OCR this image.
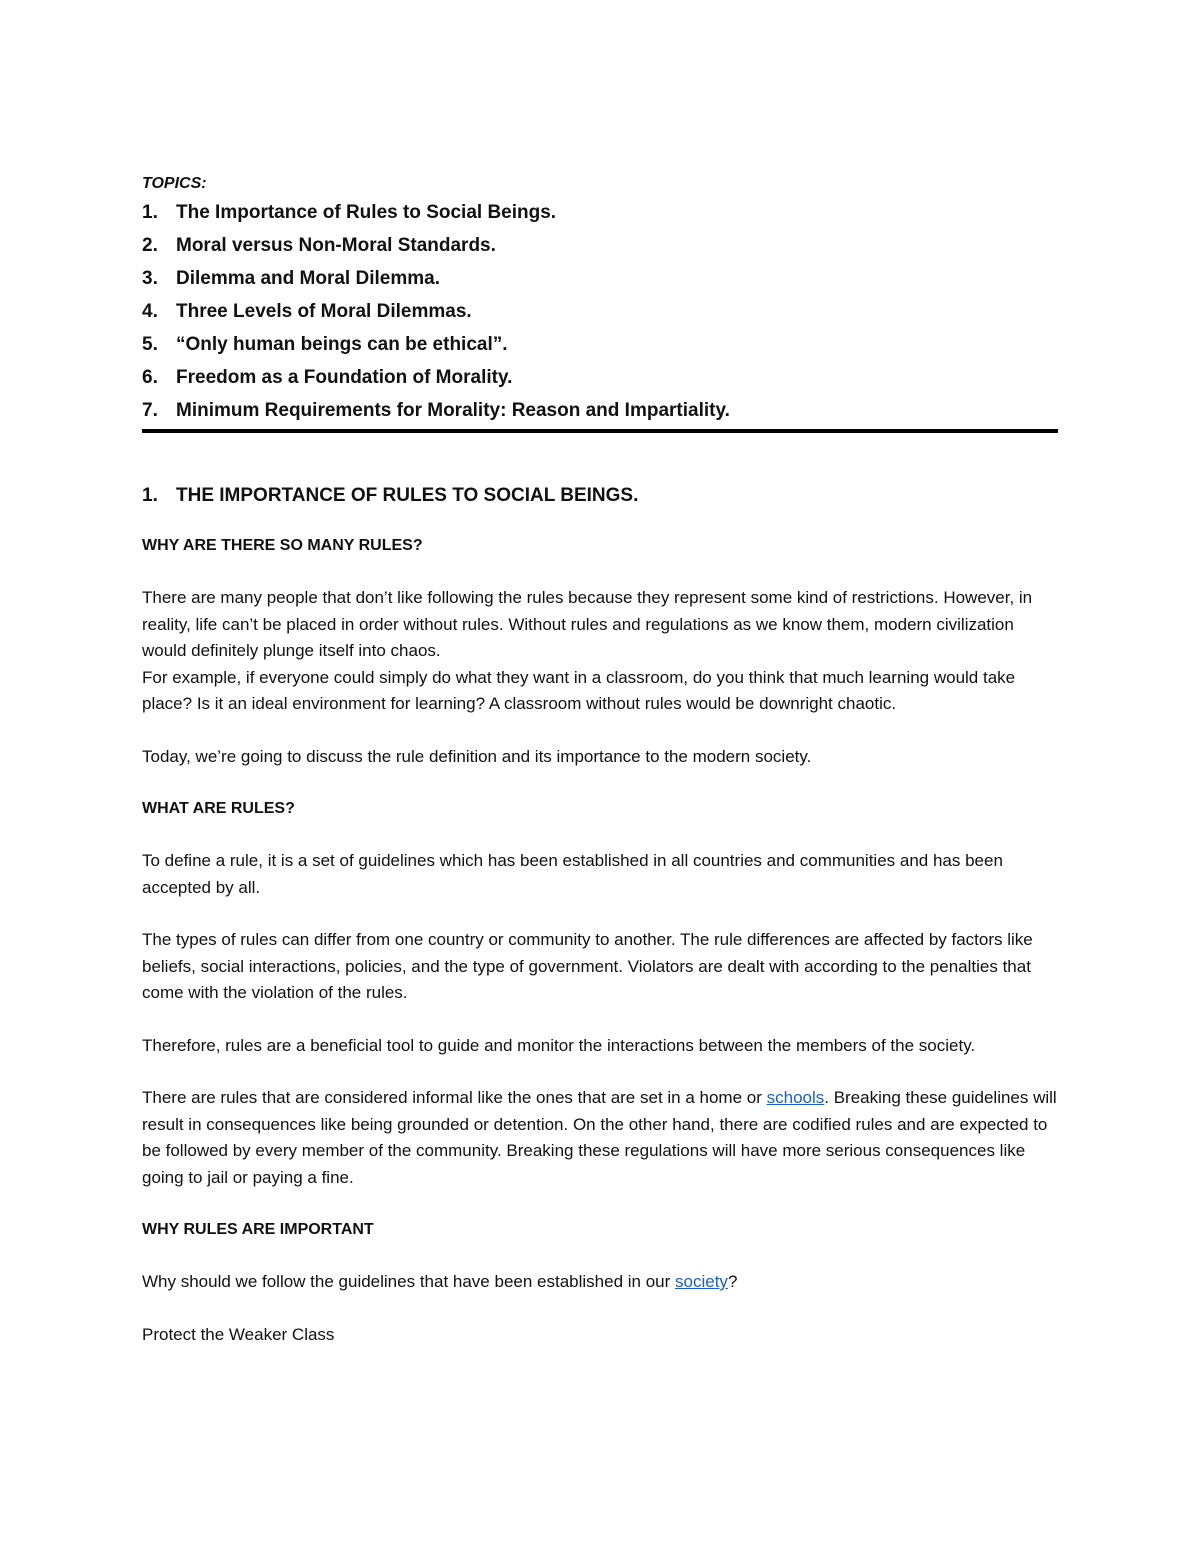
TOPICS:

1. The Importance of Rules to Social Beings.
2. Moral versus Non-Moral Standards.
3. Dilemma and Moral Dilemma.
4. Three Levels of Moral Dilemmas.
5. “Only human beings can be ethical”.
6. Freedom as a Foundation of Morality.
7. Minimum Requirements for Morality: Reason and Impartiality.
1. THE IMPORTANCE OF RULES TO SOCIAL BEINGS.

WHY ARE THERE SO MANY RULES?

There are many people that don’t like following the rules because they represent some kind of restrictions. However, in reality, life can’t be placed in order without rules. Without rules and regulations as we know them, modern civilization would definitely plunge itself into chaos.

For example, if everyone could simply do what they want in a classroom, do you think that much learning would take place? Is it an ideal environment for learning? A classroom without rules would be downright chaotic.

Today, we’re going to discuss the rule definition and its importance to the modern society.

WHAT ARE RULES?

To define a rule, it is a set of guidelines which has been established in all countries and communities and has been accepted by all.

The types of rules can differ from one country or community to another. The rule differences are affected by factors like beliefs, social interactions, policies, and the type of government. Violators are dealt with according to the penalties that come with the violation of the rules.

Therefore, rules are a beneficial tool to guide and monitor the interactions between the members of the society.

There are rules that are considered informal like the ones that are set in a home or schools. Breaking these guidelines will result in consequences like being grounded or detention. On the other hand, there are codified rules and are expected to be followed by every member of the community. Breaking these regulations will have more serious consequences like going to jail or paying a fine.

WHY RULES ARE IMPORTANT

Why should we follow the guidelines that have been established in our society?

Protect the Weaker Class
